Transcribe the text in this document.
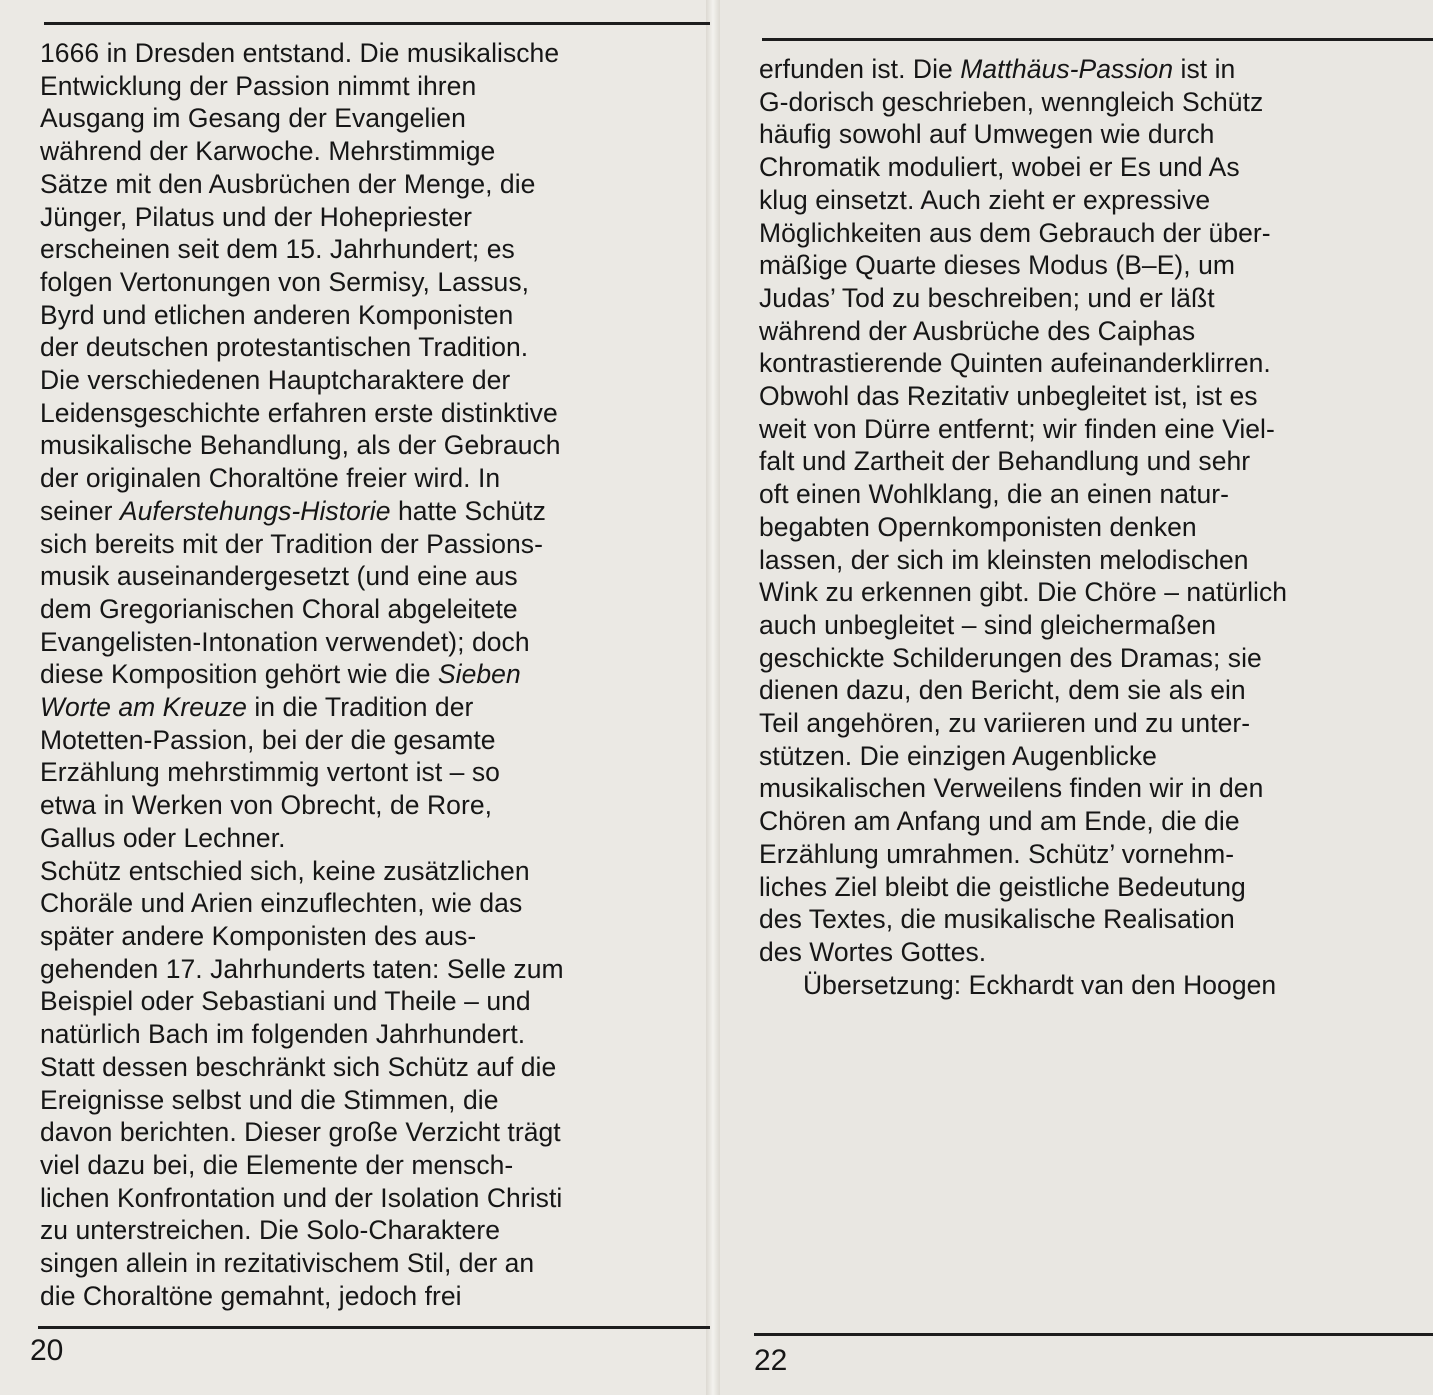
1666 in Dresden entstand. Die musikalische
Entwicklung der Passion nimmt ihren
Ausgang im Gesang der Evangelien
während der Karwoche. Mehrstimmige
Sätze mit den Ausbrüchen der Menge, die
Jünger, Pilatus und der Hohepriester
erscheinen seit dem 15. Jahrhundert; es
folgen Vertonungen von Sermisy, Lassus,
Byrd und etlichen anderen Komponisten
der deutschen protestantischen Tradition.
Die verschiedenen Hauptcharaktere der
Leidensgeschichte erfahren erste distinktive
musikalische Behandlung, als der Gebrauch
der originalen Choraltöne freier wird. In
seiner Auferstehungs-Historie hatte Schütz
sich bereits mit der Tradition der Passions-
musik auseinandergesetzt (und eine aus
dem Gregorianischen Choral abgeleitete
Evangelisten-Intonation verwendet); doch
diese Komposition gehört wie die Sieben
Worte am Kreuze in die Tradition der
Motetten-Passion, bei der die gesamte
Erzählung mehrstimmig vertont ist – so
etwa in Werken von Obrecht, de Rore,
Gallus oder Lechner.
Schütz entschied sich, keine zusätzlichen
Choräle und Arien einzuflechten, wie das
später andere Komponisten des aus-
gehenden 17. Jahrhunderts taten: Selle zum
Beispiel oder Sebastiani und Theile – und
natürlich Bach im folgenden Jahrhundert.
Statt dessen beschränkt sich Schütz auf die
Ereignisse selbst und die Stimmen, die
davon berichten. Dieser große Verzicht trägt
viel dazu bei, die Elemente der mensch-
lichen Konfrontation und der Isolation Christi
zu unterstreichen. Die Solo-Charaktere
singen allein in rezitativischem Stil, der an
die Choraltöne gemahnt, jedoch frei
20
erfunden ist. Die Matthäus-Passion ist in
G-dorisch geschrieben, wenngleich Schütz
häufig sowohl auf Umwegen wie durch
Chromatik moduliert, wobei er Es und As
klug einsetzt. Auch zieht er expressive
Möglichkeiten aus dem Gebrauch der über-
mäßige Quarte dieses Modus (B–E), um
Judas’ Tod zu beschreiben; und er läßt
während der Ausbrüche des Caiphas
kontrastierende Quinten aufeinanderklirren.
Obwohl das Rezitativ unbegleitet ist, ist es
weit von Dürre entfernt; wir finden eine Viel-
falt und Zartheit der Behandlung und sehr
oft einen Wohlklang, die an einen natur-
begabten Opernkomponisten denken
lassen, der sich im kleinsten melodischen
Wink zu erkennen gibt. Die Chöre – natürlich
auch unbegleitet – sind gleichermaßen
geschickte Schilderungen des Dramas; sie
dienen dazu, den Bericht, dem sie als ein
Teil angehören, zu variieren und zu unter-
stützen. Die einzigen Augenblicke
musikalischen Verweilens finden wir in den
Chören am Anfang und am Ende, die die
Erzählung umrahmen. Schütz’ vornehm-
liches Ziel bleibt die geistliche Bedeutung
des Textes, die musikalische Realisation
des Wortes Gottes.
Übersetzung: Eckhardt van den Hoogen
22
